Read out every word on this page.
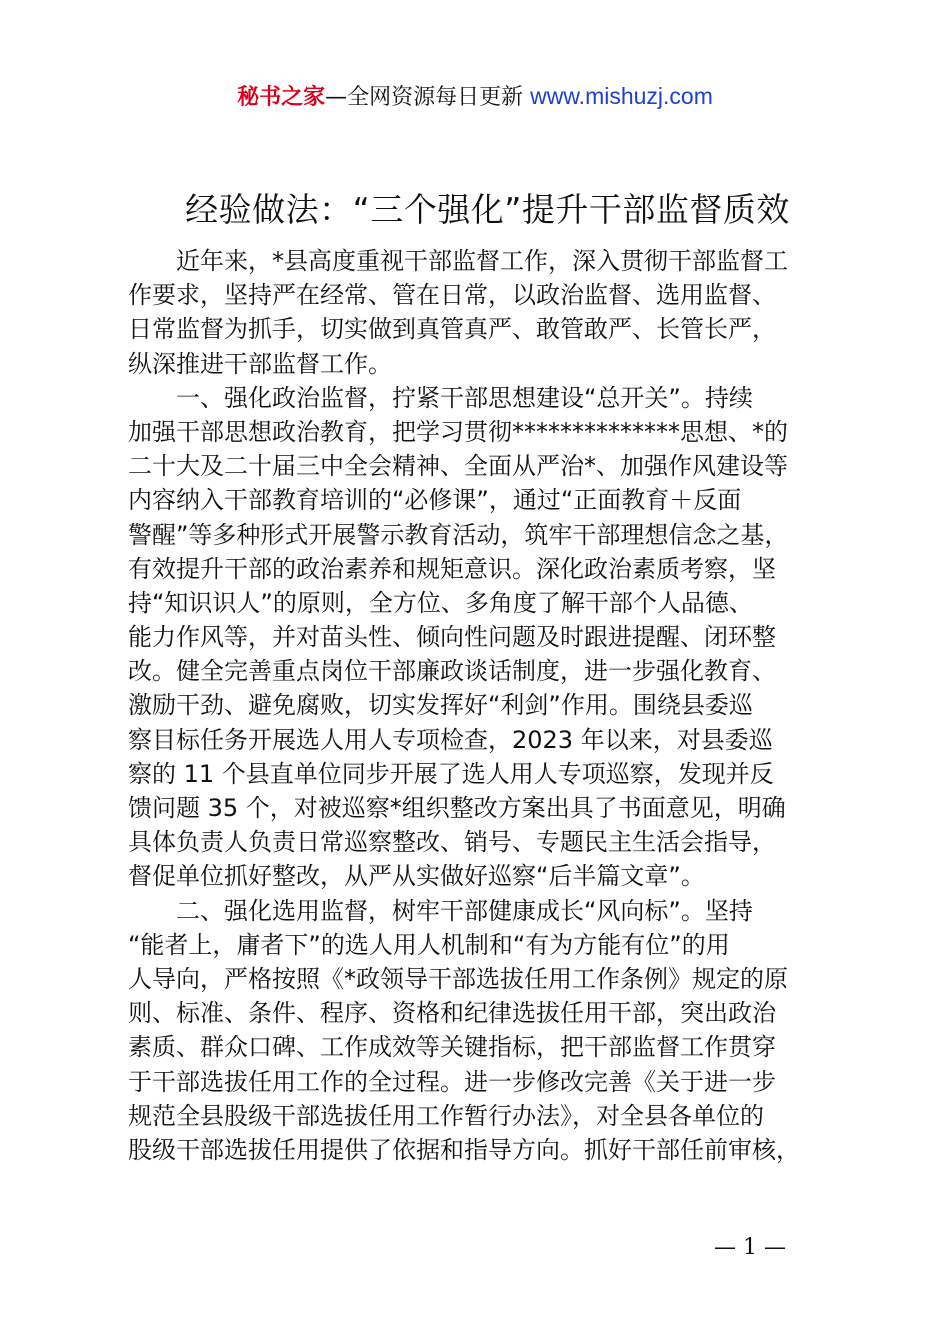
秘书之家—全网资源每日更新 www.mishuzj.com
经验做法：“三个强化”提升干部监督质效
　　近年来，*县高度重视干部监督工作，深入贯彻干部监督工
作要求，坚持严在经常、管在日常，以政治监督、选用监督、
日常监督为抓手，切实做到真管真严、敢管敢严、长管长严，
纵深推进干部监督工作。
　　一、强化政治监督，拧紧干部思想建设“总开关”。持续
加强干部思想政治教育，把学习贯彻**************思想、*的
二十大及二十届三中全会精神、全面从严治*、加强作风建设等
内容纳入干部教育培训的“必修课”，通过“正面教育＋反面
警醒”等多种形式开展警示教育活动，筑牢干部理想信念之基，
有效提升干部的政治素养和规矩意识。深化政治素质考察，坚
持“知识识人”的原则，全方位、多角度了解干部个人品德、
能力作风等，并对苗头性、倾向性问题及时跟进提醒、闭环整
改。健全完善重点岗位干部廉政谈话制度，进一步强化教育、
激励干劲、避免腐败，切实发挥好“利剑”作用。围绕县委巡
察目标任务开展选人用人专项检查，2023 年以来，对县委巡
察的 11 个县直单位同步开展了选人用人专项巡察，发现并反
馈问题 35 个，对被巡察*组织整改方案出具了书面意见，明确
具体负责人负责日常巡察整改、销号、专题民主生活会指导，
督促单位抓好整改，从严从实做好巡察“后半篇文章”。
　　二、强化选用监督，树牢干部健康成长“风向标”。坚持
“能者上，庸者下”的选人用人机制和“有为方能有位”的用
人导向，严格按照《*政领导干部选拔任用工作条例》规定的原
则、标准、条件、程序、资格和纪律选拔任用干部，突出政治
素质、群众口碑、工作成效等关键指标，把干部监督工作贯穿
于干部选拔任用工作的全过程。进一步修改完善《关于进一步
规范全县股级干部选拔任用工作暂行办法》，对全县各单位的
股级干部选拔任用提供了依据和指导方向。抓好干部任前审核，
— 1 —
